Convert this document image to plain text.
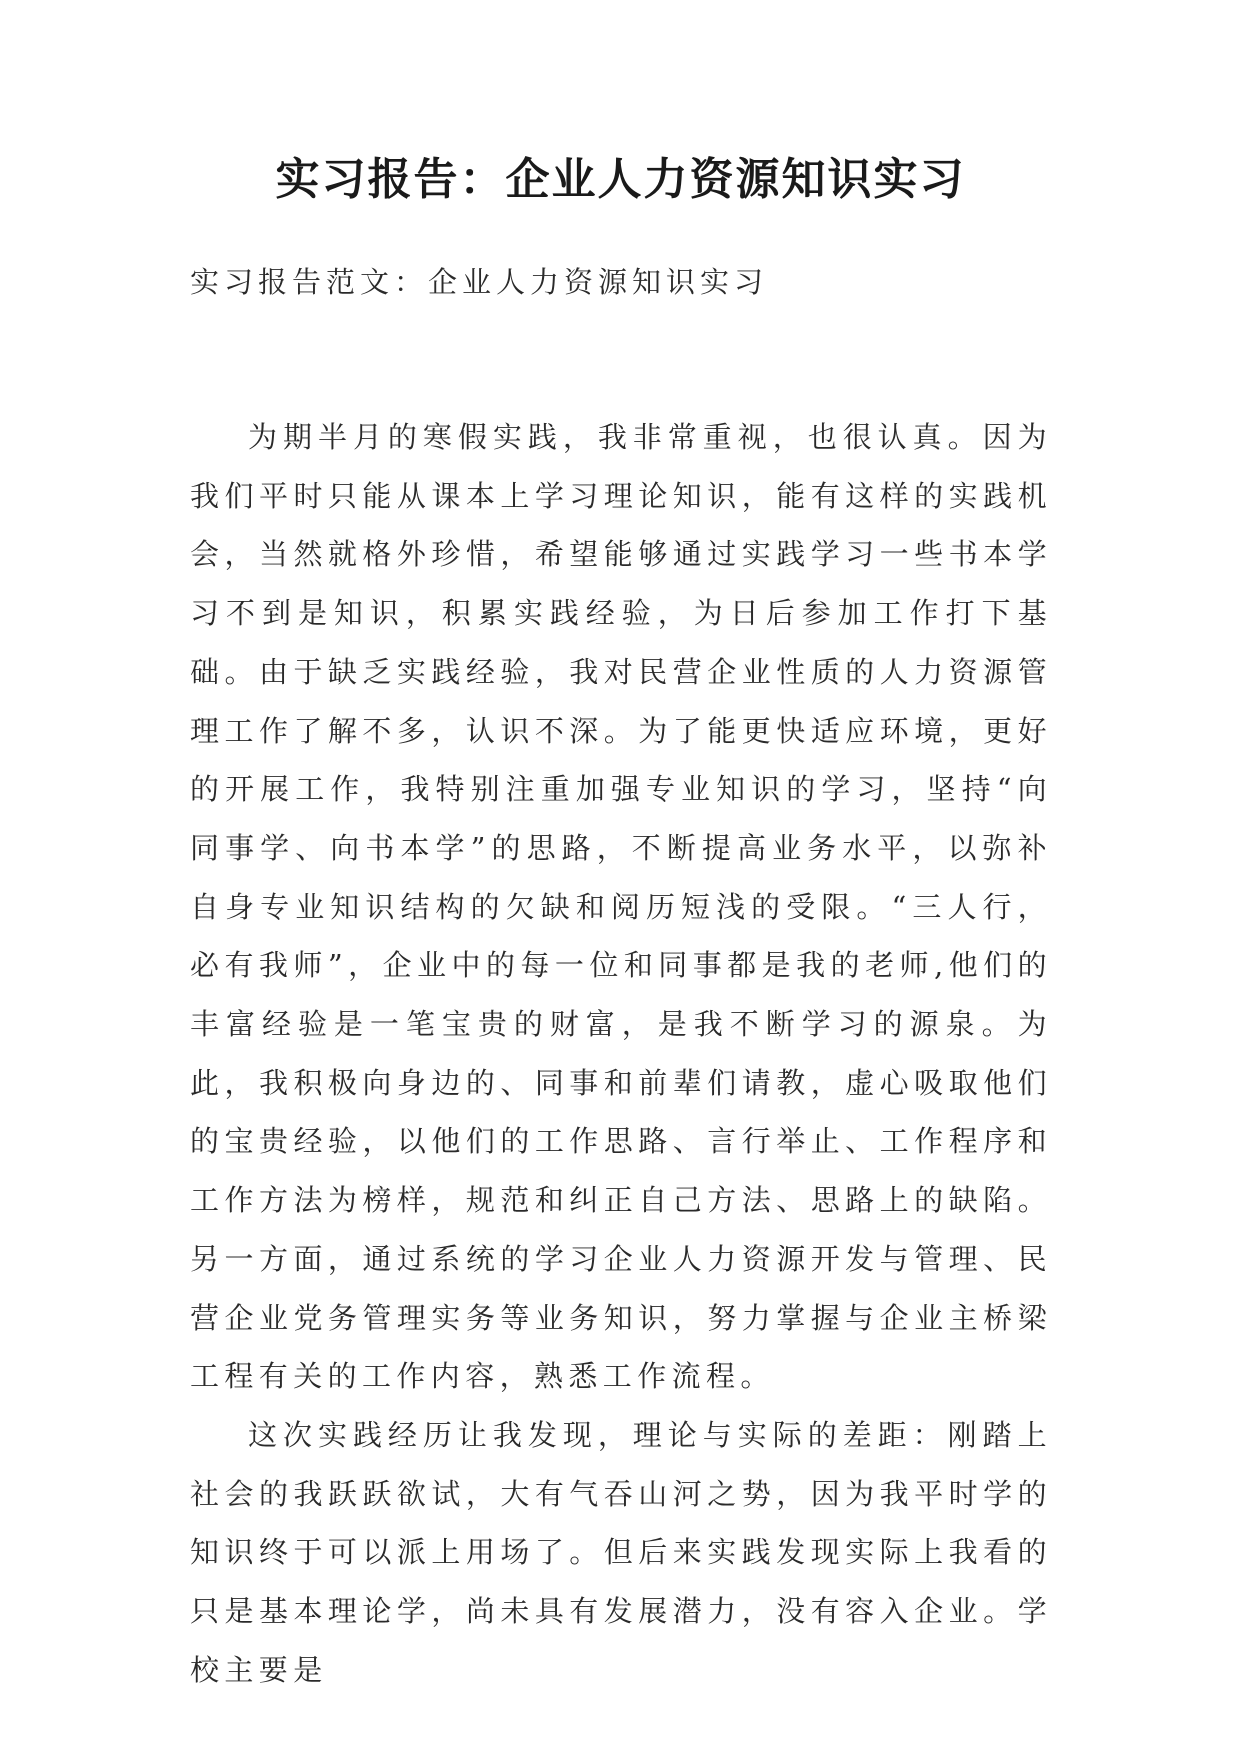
实习报告：企业人力资源知识实习

实习报告范文：企业人力资源知识实习

为期半月的寒假实践，我非常重视，也很认真。因为我们平时只能从课本上学习理论知识，能有这样的实践机会，当然就格外珍惜，希望能够通过实践学习一些书本学习不到是知识，积累实践经验，为日后参加工作打下基础。由于缺乏实践经验，我对民营企业性质的人力资源管理工作了解不多，认识不深。为了能更快适应环境，更好的开展工作，我特别注重加强专业知识的学习，坚持“向同事学、向书本学”的思路，不断提高业务水平，以弥补自身专业知识结构的欠缺和阅历短浅的受限。“三人行，必有我师”，企业中的每一位和同事都是我的老师,他们的丰富经验是一笔宝贵的财富，是我不断学习的源泉。为此，我积极向身边的、同事和前辈们请教，虚心吸取他们的宝贵经验，以他们的工作思路、言行举止、工作程序和工作方法为榜样，规范和纠正自己方法、思路上的缺陷。另一方面，通过系统的学习企业人力资源开发与管理、民营企业党务管理实务等业务知识，努力掌握与企业主桥梁工程有关的工作内容，熟悉工作流程。

这次实践经历让我发现，理论与实际的差距：刚踏上社会的我跃跃欲试，大有气吞山河之势，因为我平时学的知识终于可以派上用场了。但后来实践发现实际上我看的只是基本理论学，尚未具有发展潜力，没有容入企业。学校主要是
